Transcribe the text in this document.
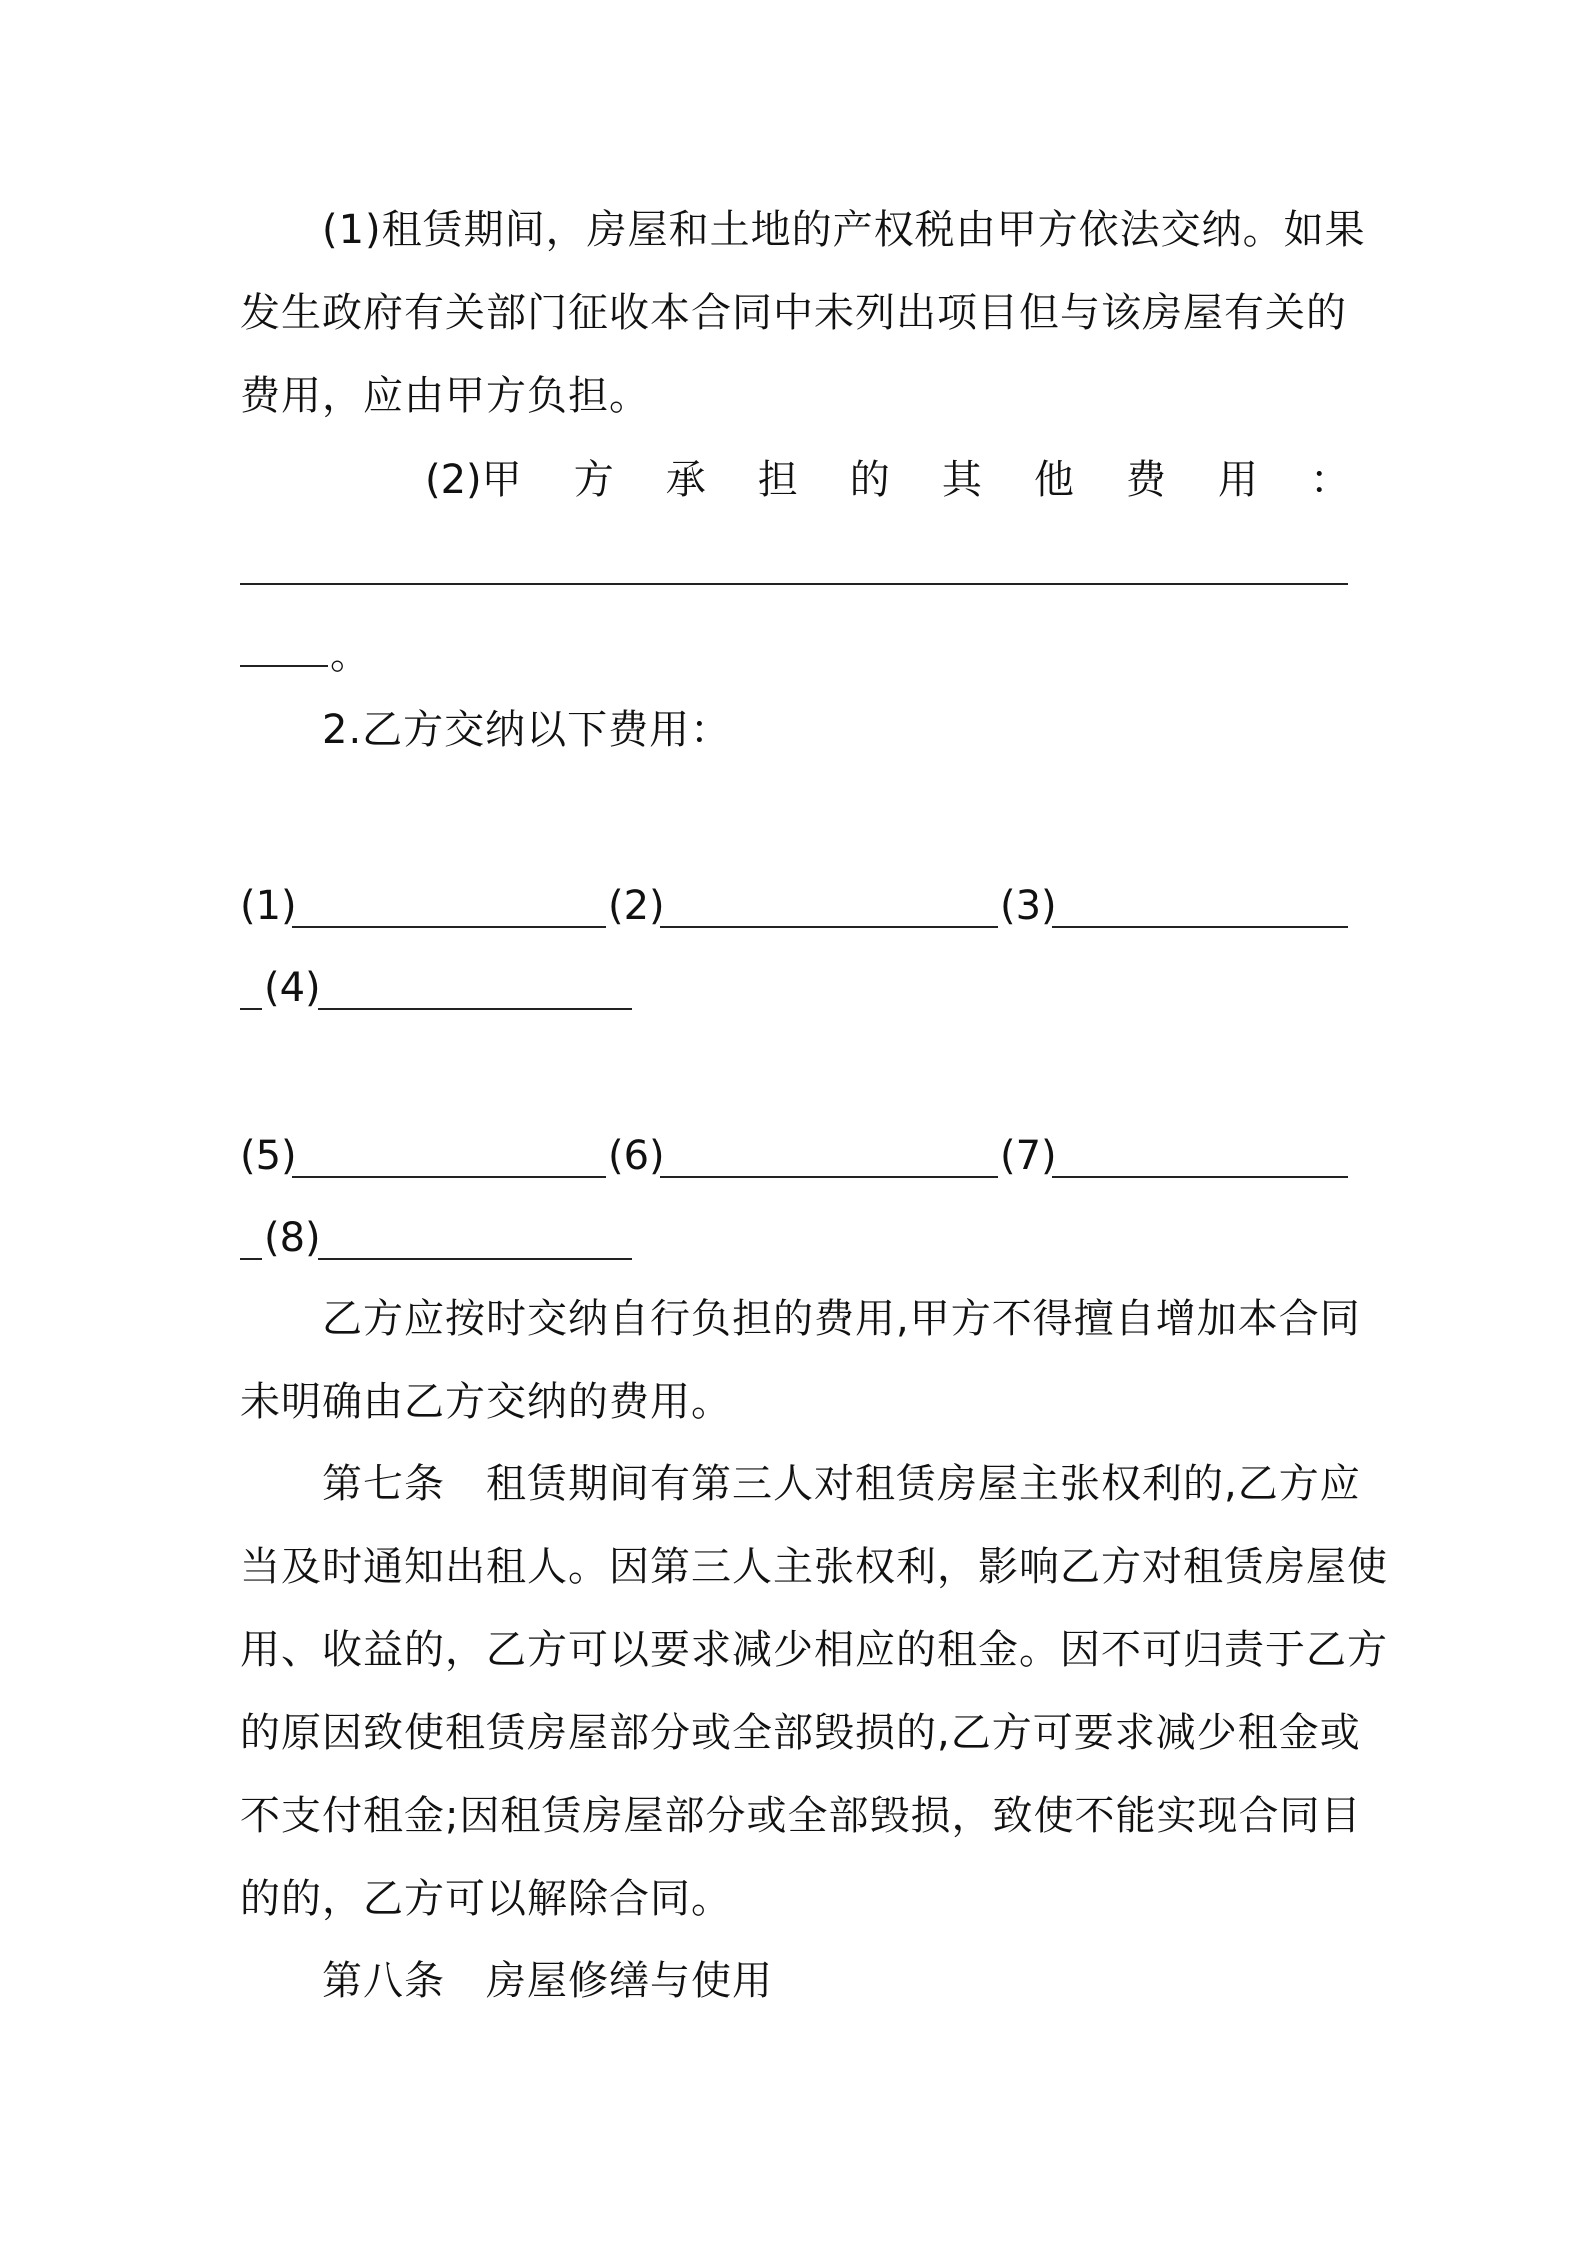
(1)租赁期间，房屋和土地的产权税由甲方依法交纳。如果
发生政府有关部门征收本合同中未列出项目但与该房屋有关的
费用，应由甲方负担。
(2)甲 方 承 担 的 其 他 费 用 ：
。
2.乙方交纳以下费用：
(1)	(2)	(3)
(4)
(5)	(6)	(7)
(8)
乙方应按时交纳自行负担的费用,甲方不得擅自增加本合同
未明确由乙方交纳的费用。
第七条　租赁期间有第三人对租赁房屋主张权利的,乙方应
当及时通知出租人。因第三人主张权利，影响乙方对租赁房屋使
用、收益的，乙方可以要求减少相应的租金。因不可归责于乙方
的原因致使租赁房屋部分或全部毁损的,乙方可要求减少租金或
不支付租金;因租赁房屋部分或全部毁损，致使不能实现合同目
的的，乙方可以解除合同。
第八条　房屋修缮与使用
